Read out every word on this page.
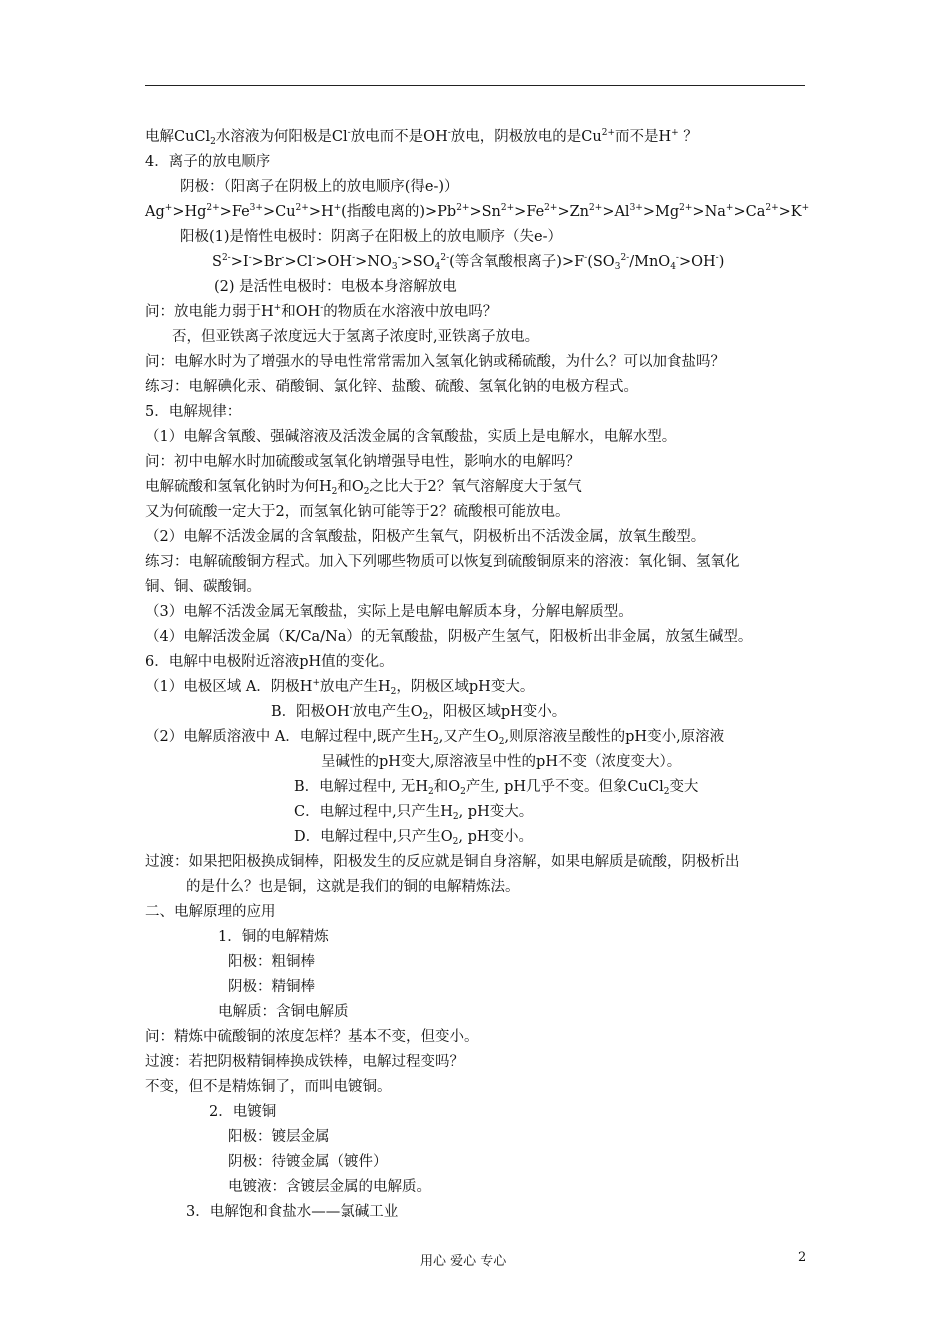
电解CuCl$_2$水溶液为何阳极是Cl-放电而不是OH-放电，阴极放电的是$Cu^{2+}$而不是H+ ？
4．离子的放电顺序
阴极：（阳离子在阴极上的放电顺序(得e-)）
$Ag^+>Hg^{2+}>Fe^{3+}>Cu^{2+}>H^+$(指酸电离的)$>Pb^{2+}>Sn^{2+}>Fe^{2+}>Zn^{2+}>Al^{3+}>Mg^{2+}>Na^+>Ca^{2+}>K^+$
阳极(1)是惰性电极时：阴离子在阳极上的放电顺序（失e-）
$S^{2-}>I^->Br^->Cl^->OH^->NO_3^->SO_4^{2-}$(等含氧酸根离子)$>F^-(SO_3^{2-}/MnO_4^->OH^-)$
(2) 是活性电极时：电极本身溶解放电
问：放电能力弱于H+和OH-的物质在水溶液中放电吗？
否，但亚铁离子浓度远大于氢离子浓度时,亚铁离子放电。
问：电解水时为了增强水的导电性常常需加入氢氧化钠或稀硫酸，为什么？可以加食盐吗？
练习：电解碘化汞、硝酸铜、氯化锌、盐酸、硫酸、氢氧化钠的电极方程式。
5．电解规律：
（1）电解含氧酸、强碱溶液及活泼金属的含氧酸盐，实质上是电解水，电解水型。
问：初中电解水时加硫酸或氢氧化钠增强导电性，影响水的电解吗？
电解硫酸和氢氧化钠时为何$H_2$和$O_2$之比大于2？氧气溶解度大于氢气
又为何硫酸一定大于2，而氢氧化钠可能等于2？硫酸根可能放电。
（2）电解不活泼金属的含氧酸盐，阳极产生氧气，阴极析出不活泼金属，放氧生酸型。
练习：电解硫酸铜方程式。加入下列哪些物质可以恢复到硫酸铜原来的溶液：氧化铜、氢氧化
铜、铜、碳酸铜。
（3）电解不活泼金属无氧酸盐，实际上是电解电解质本身，分解电解质型。
（4）电解活泼金属（K/Ca/Na）的无氧酸盐，阴极产生氢气，阳极析出非金属，放氢生碱型。
6．电解中电极附近溶液pH值的变化。
（1）电极区域 A．阴极H+放电产生$H_2$，阴极区域pH变大。
B．阳极OH-放电产生$O_2$，阳极区域pH变小。
（2）电解质溶液中 A．电解过程中,既产生$H_2$,又产生$O_2$,则原溶液呈酸性的pH变小,原溶液
呈碱性的pH变大,原溶液呈中性的pH不变（浓度变大）。
B．电解过程中, 无$H_2$和$O_2$产生, pH几乎不变。但象CuCl$_2$变大
C．电解过程中,只产生$H_2$, pH变大。
D．电解过程中,只产生$O_2$, pH变小。
过渡：如果把阳极换成铜棒，阳极发生的反应就是铜自身溶解，如果电解质是硫酸，阴极析出
的是什么？也是铜，这就是我们的铜的电解精炼法。
二、电解原理的应用
1．铜的电解精炼
阳极：粗铜棒
阴极：精铜棒
电解质：含铜电解质
问：精炼中硫酸铜的浓度怎样？基本不变，但变小。
过渡：若把阴极精铜棒换成铁棒，电解过程变吗？
不变，但不是精炼铜了，而叫电镀铜。
2．电镀铜
阳极：镀层金属
阴极：待镀金属（镀件）
电镀液：含镀层金属的电解质。
3．电解饱和食盐水——氯碱工业
用心 爱心 专心	2
